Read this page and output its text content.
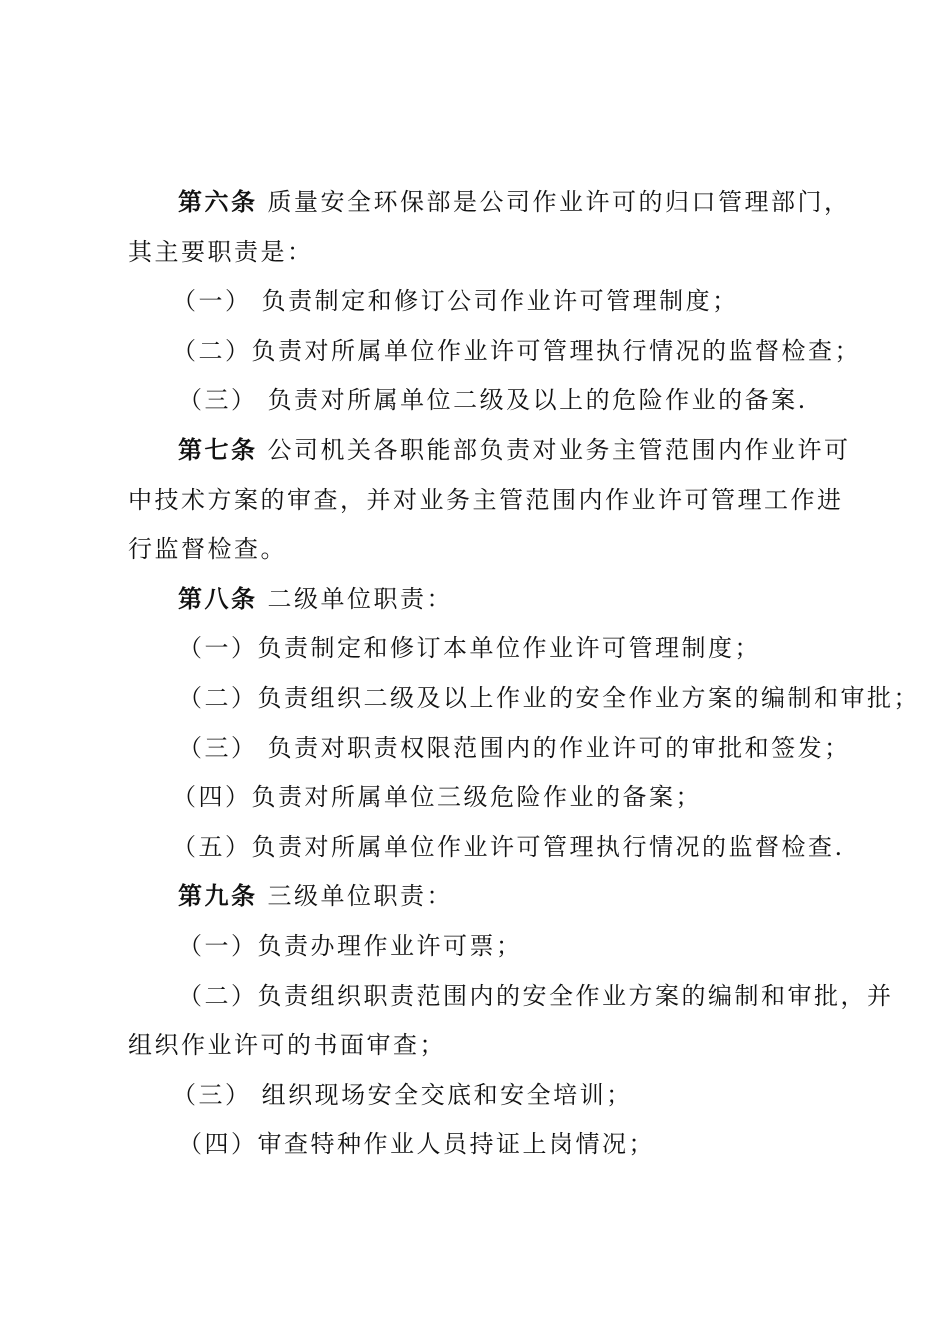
第六条 质量安全环保部是公司作业许可的归口管理部门，
其主要职责是：
（一） 负责制定和修订公司作业许可管理制度；
（二）负责对所属单位作业许可管理执行情况的监督检查；
（三） 负责对所属单位二级及以上的危险作业的备案.
第七条 公司机关各职能部负责对业务主管范围内作业许可
中技术方案的审查，并对业务主管范围内作业许可管理工作进
行监督检查。
第八条 二级单位职责：
（一）负责制定和修订本单位作业许可管理制度；
（二）负责组织二级及以上作业的安全作业方案的编制和审批；
（三） 负责对职责权限范围内的作业许可的审批和签发；
（四）负责对所属单位三级危险作业的备案；
（五）负责对所属单位作业许可管理执行情况的监督检查.
第九条 三级单位职责：
（一）负责办理作业许可票；
（二）负责组织职责范围内的安全作业方案的编制和审批，并
组织作业许可的书面审查；
（三） 组织现场安全交底和安全培训；
（四）审查特种作业人员持证上岗情况；
